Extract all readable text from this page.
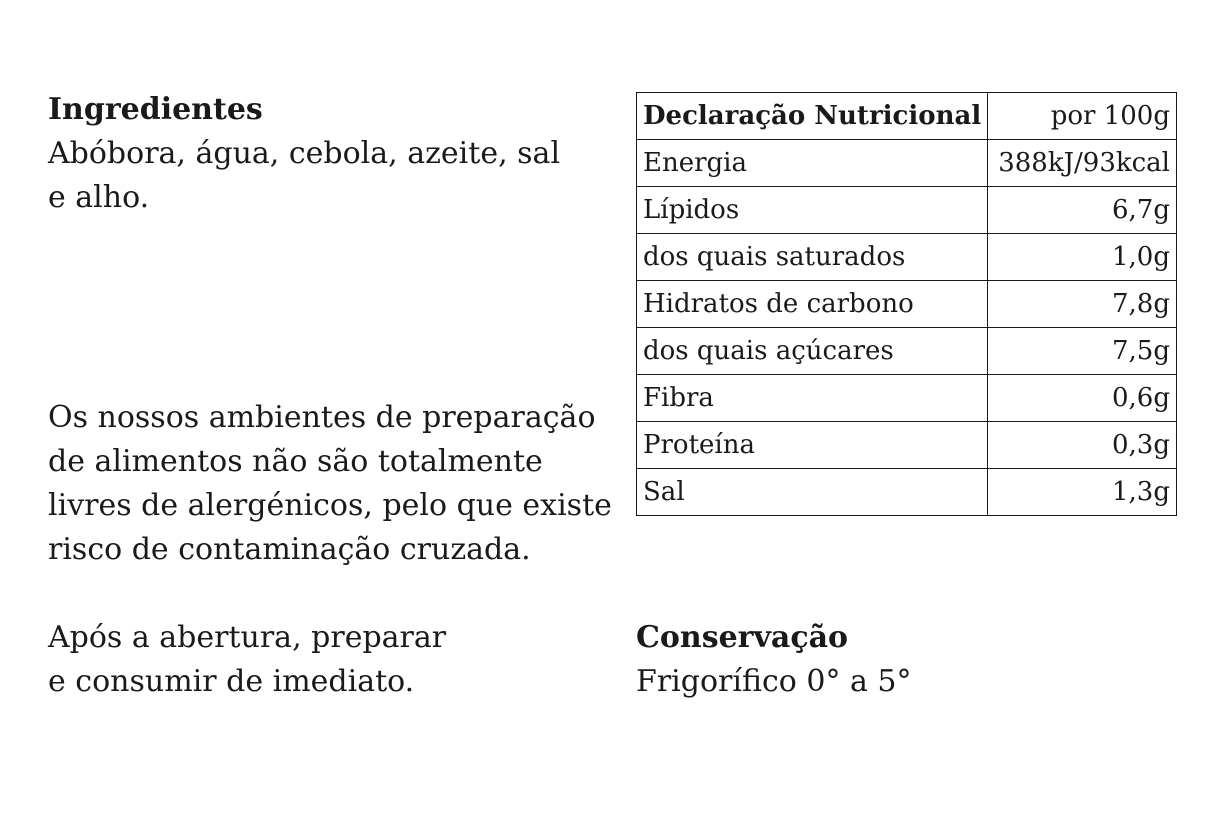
Ingredientes
Abóbora, água, cebola, azeite, sal
e alho.
Os nossos ambientes de preparação
de alimentos não são totalmente
livres de alergénicos, pelo que existe
risco de contaminação cruzada.
Após a abertura, preparar
e consumir de imediato.
Declaração Nutricional	por 100g
Energia	388kJ/93kcal
Lípidos	6,7g
dos quais saturados	1,0g
Hidratos de carbono	7,8g
dos quais açúcares	7,5g
Fibra	0,6g
Proteína	0,3g
Sal	1,3g
Conservação
Frigorífico 0° a 5°
